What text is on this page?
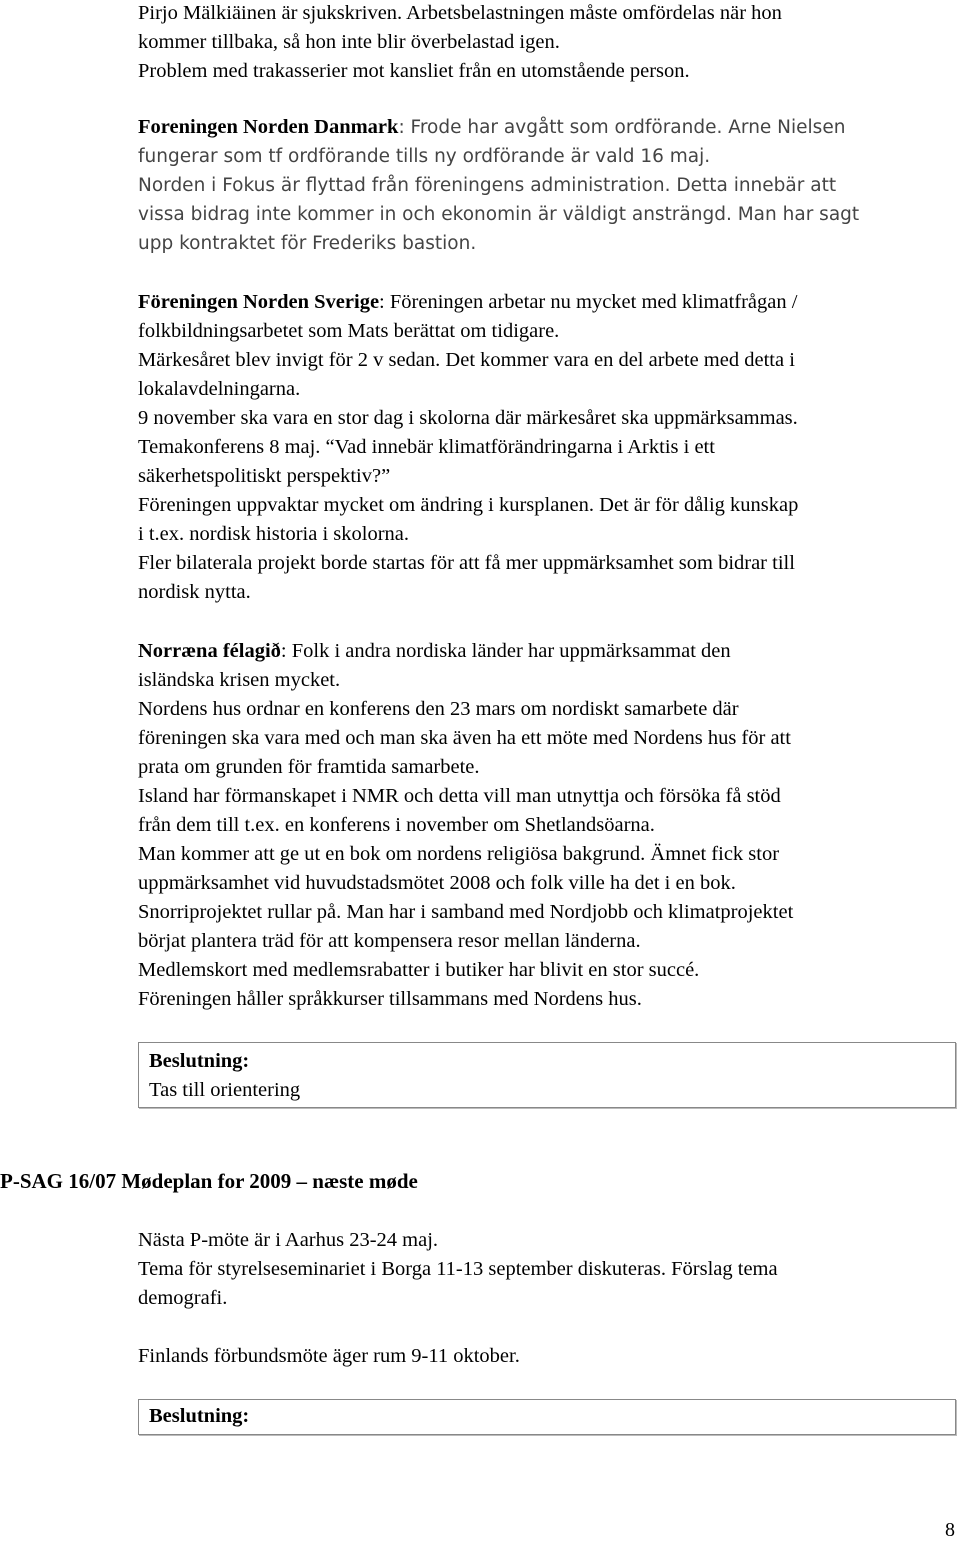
Pirjo Mälkiäinen är sjukskriven. Arbetsbelastningen måste omfördelas när hon
kommer tillbaka, så hon inte blir överbelastad igen.
Problem med trakasserier mot kansliet från en utomstående person.
Foreningen Norden Danmark: Frode har avgått som ordförande. Arne Nielsen
fungerar som tf ordförande tills ny ordförande är vald 16 maj.
Norden i Fokus är flyttad från föreningens administration. Detta innebär att
vissa bidrag inte kommer in och ekonomin är väldigt ansträngd. Man har sagt
upp kontraktet för Frederiks bastion.
Föreningen Norden Sverige: Föreningen arbetar nu mycket med klimatfrågan /
folkbildningsarbetet som Mats berättat om tidigare.
Märkesåret blev invigt för 2 v sedan. Det kommer vara en del arbete med detta i
lokalavdelningarna.
9 november ska vara en stor dag i skolorna där märkesåret ska uppmärksammas.
Temakonferens 8 maj. “Vad innebär klimatförändringarna i Arktis i ett
säkerhetspolitiskt perspektiv?”
Föreningen uppvaktar mycket om ändring i kursplanen. Det är för dålig kunskap
i t.ex. nordisk historia i skolorna.
Fler bilaterala projekt borde startas för att få mer uppmärksamhet som bidrar till
nordisk nytta.
Norræna félagið: Folk i andra nordiska länder har uppmärksammat den
isländska krisen mycket.
Nordens hus ordnar en konferens den 23 mars om nordiskt samarbete där
föreningen ska vara med och man ska även ha ett möte med Nordens hus för att
prata om grunden för framtida samarbete.
Island har förmanskapet i NMR och detta vill man utnyttja och försöka få stöd
från dem till t.ex. en konferens i november om Shetlandsöarna.
Man kommer att ge ut en bok om nordens religiösa bakgrund. Ämnet fick stor
uppmärksamhet vid huvudstadsmötet 2008 och folk ville ha det i en bok.
Snorriprojektet rullar på. Man har i samband med Nordjobb och klimatprojektet
börjat plantera träd för att kompensera resor mellan länderna.
Medlemskort med medlemsrabatter i butiker har blivit en stor succé.
Föreningen håller språkkurser tillsammans med Nordens hus.
Beslutning:
Tas till orientering
P-SAG 16/07 Mødeplan for 2009 – næste møde
Nästa P-möte är i Aarhus 23-24 maj.
Tema för styrelseseminariet i Borga 11-13 september diskuteras. Förslag tema
demografi.
Finlands förbundsmöte äger rum 9-11 oktober.
Beslutning:
8
